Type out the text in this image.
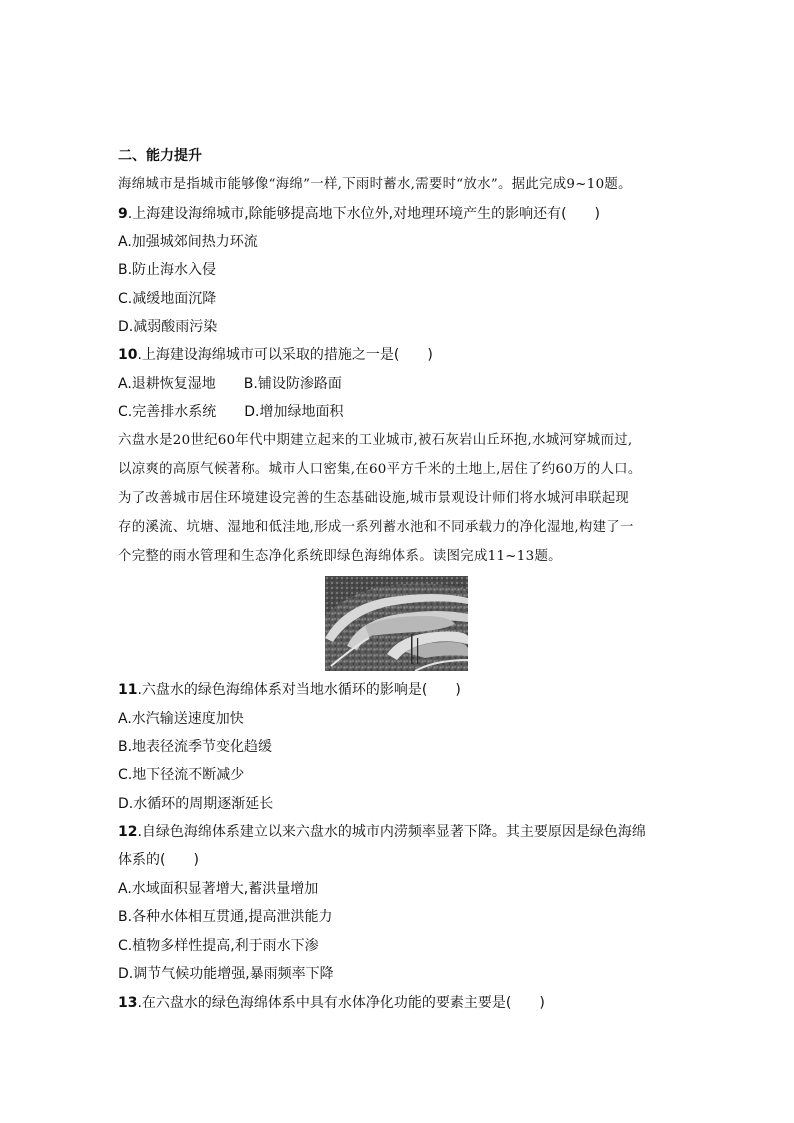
二、能力提升
海绵城市是指城市能够像“海绵”一样,下雨时蓄水,需要时“放水”。据此完成9~10题。
9.上海建设海绵城市,除能够提高地下水位外,对地理环境产生的影响还有(　　)
A.加强城郊间热力环流
B.防止海水入侵
C.减缓地面沉降
D.减弱酸雨污染
10.上海建设海绵城市可以采取的措施之一是(　　)
A.退耕恢复湿地 B.铺设防渗路面
C.完善排水系统 D.增加绿地面积
六盘水是20世纪60年代中期建立起来的工业城市,被石灰岩山丘环抱,水城河穿城而过,
以凉爽的高原气候著称。城市人口密集,在60平方千米的土地上,居住了约60万的人口。
为了改善城市居住环境建设完善的生态基础设施,城市景观设计师们将水城河串联起现
存的溪流、坑塘、湿地和低洼地,形成一系列蓄水池和不同承载力的净化湿地,构建了一
个完整的雨水管理和生态净化系统即绿色海绵体系。读图完成11~13题。
11.六盘水的绿色海绵体系对当地水循环的影响是(　　)
A.水汽输送速度加快
B.地表径流季节变化趋缓
C.地下径流不断减少
D.水循环的周期逐渐延长
12.自绿色海绵体系建立以来六盘水的城市内涝频率显著下降。其主要原因是绿色海绵
体系的(　　)
A.水域面积显著增大,蓄洪量增加
B.各种水体相互贯通,提高泄洪能力
C.植物多样性提高,利于雨水下渗
D.调节气候功能增强,暴雨频率下降
13.在六盘水的绿色海绵体系中具有水体净化功能的要素主要是(　　)
